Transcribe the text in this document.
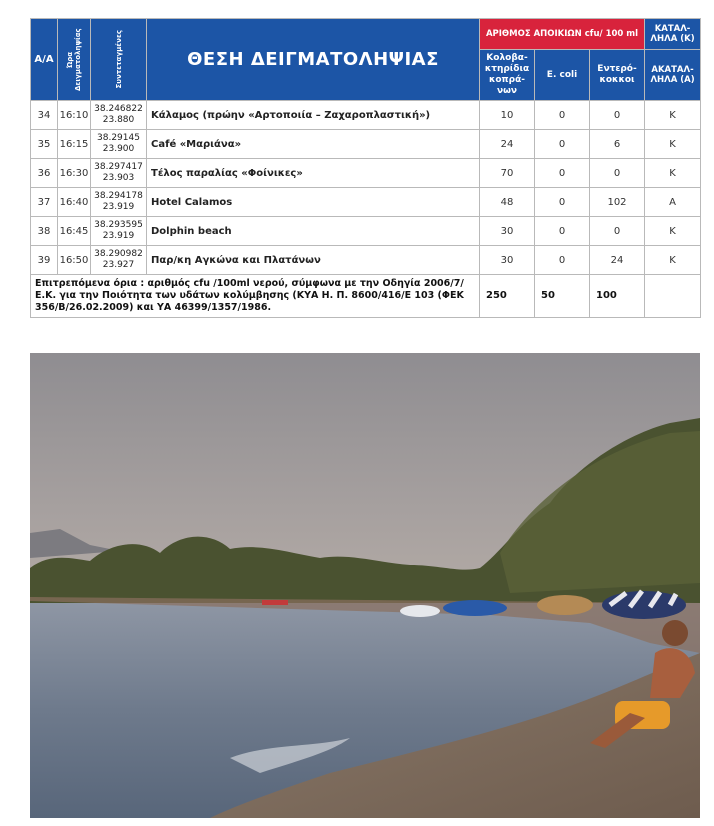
Α/Α	Ώρα Δειγματοληψίας	Συντεταγμένες	ΘΕΣΗ ΔΕΙΓΜΑΤΟΛΗΨΙΑΣ	ΑΡΙΘΜΟΣ ΑΠΟΙΚΙΩΝ cfu/ 100 ml			ΚΑΤΑΛ-ΛΗΛΑ (Κ)
				Κολοβα-κτηρίδια κοπρά-νων	E. coli	Εντερό-κοκκοι	ΑΚΑΤΑΛ-ΛΗΛΑ (Α)
34	16:10	38.246822
23.880	Κάλαμος (πρώην «Αρτοποιία – Ζαχαροπλαστική»)	10	0	0	Κ
35	16:15	38.29145
23.900	Café «Μαριάνα»	24	0	6	Κ
36	16:30	38.297417
23.903	Τέλος παραλίας «Φοίνικες»	70	0	0	Κ
37	16:40	38.294178
23.919	Hotel Calamos	48	0	102	Α
38	16:45	38.293595
23.919	Dolphin beach	30	0	0	Κ
39	16:50	38.290982
23.927	Παρ/κη Αγκώνα και Πλατάνων	30	0	24	Κ
Επιτρεπόμενα όρια : αριθμός cfu /100ml νερού, σύμφωνα με την Οδηγία 2006/7/Ε.Κ. για την Ποιότητα των υδάτων κολύμβησης (ΚΥΑ Η. Π. 8600/416/Ε 103 (ΦΕΚ 356/Β/26.02.2009) και ΥΑ 46399/1357/1986.				250	50	100	
